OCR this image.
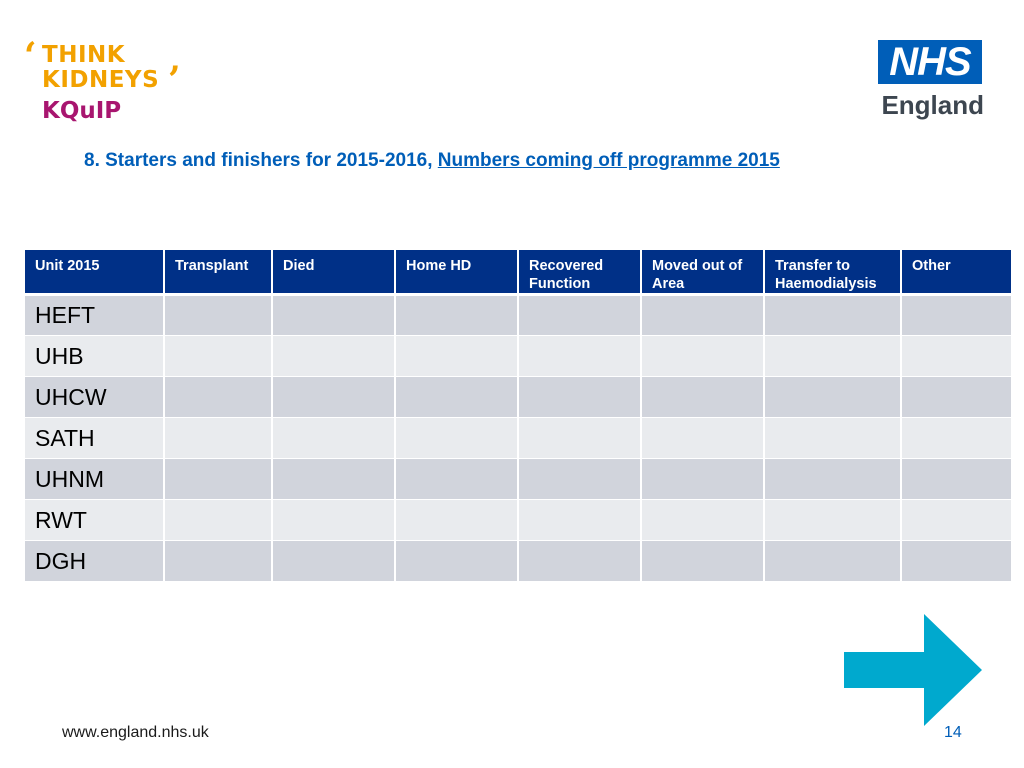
‘ THINK
KIDNEYS ’
KQuIP
NHS
England
8. Starters and finishers for 2015-2016, Numbers coming off programme 2015
Unit 2015	Transplant	Died	Home HD	Recovered Function	Moved out of Area	Transfer to Haemodialysis	Other
HEFT							
UHB							
UHCW							
SATH							
UHNM							
RWT							
DGH							
www.england.nhs.uk	14
